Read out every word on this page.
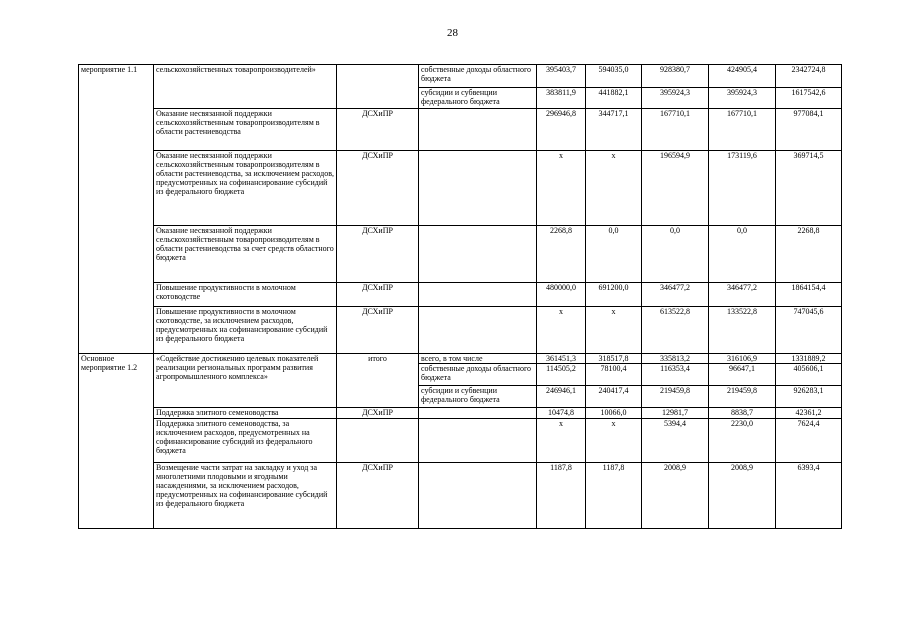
28
мероприятие 1.1	сельскохозяйственных товаропроизводителей»		собственные доходы областного бюджета	395403,7	594035,0	928380,7	424905,4	2342724,8
			субсидии и субвенции федерального бюджета	383811,9	441882,1	395924,3	395924,3	1617542,6
	Оказание несвязанной поддержки сельскохозяйственным товаропроизводителям в области растениеводства	ДСХиПР		296946,8	344717,1	167710,1	167710,1	977084,1
	Оказание несвязанной поддержки сельскохозяйственным товаропроизводителям в области растениеводства, за исключением расходов, предусмотренных на софинансирование субсидий из федерального бюджета	ДСХиПР		х	х	196594,9	173119,6	369714,5
	Оказание несвязанной поддержки сельскохозяйственным товаропроизводителям в области растениеводства за счет средств областного бюджета	ДСХиПР		2268,8	0,0	0,0	0,0	2268,8
	Повышение продуктивности в молочном скотоводстве	ДСХиПР		480000,0	691200,0	346477,2	346477,2	1864154,4
	Повышение продуктивности в молочном скотоводстве, за исключением расходов, предусмотренных на софинансирование субсидий из федерального бюджета	ДСХиПР		х	х	613522,8	133522,8	747045,6
Основное мероприятие 1.2	«Содействие достижению целевых показателей реализации региональных программ развития агропромышленного комплекса»	итого	всего, в том числе	361451,3	318517,8	335813,2	316106,9	1331889,2
			собственные доходы областного бюджета	114505,2	78100,4	116353,4	96647,1	405606,1
			субсидии и субвенции федерального бюджета	246946,1	240417,4	219459,8	219459,8	926283,1
	Поддержка элитного семеноводства	ДСХиПР		10474,8	10066,0	12981,7	8838,7	42361,2
	Поддержка элитного семеноводства, за исключением расходов, предусмотренных на софинансирование субсидий из федерального бюджета			х	х	5394,4	2230,0	7624,4
	Возмещение части затрат на закладку и уход за многолетними плодовыми и ягодными насаждениями, за исключением расходов, предусмотренных на софинансирование субсидий из федерального бюджета	ДСХиПР		1187,8	1187,8	2008,9	2008,9	6393,4
